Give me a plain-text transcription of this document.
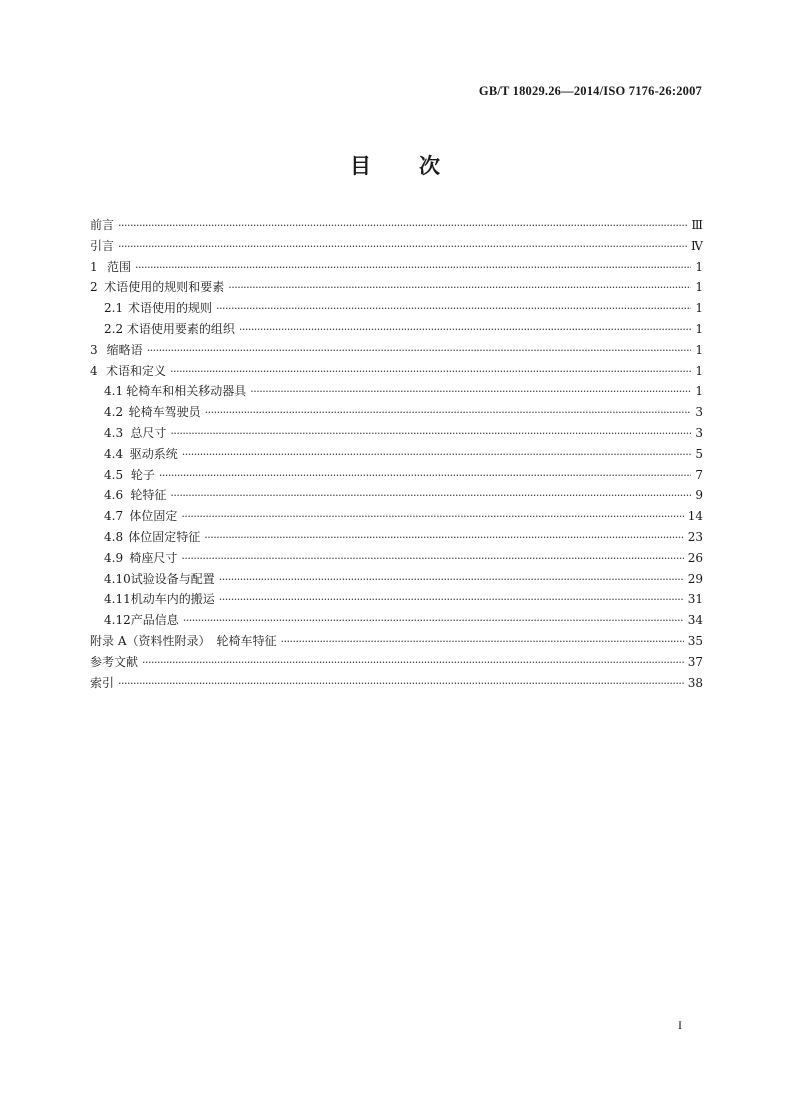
GB/T 18029.26—2014/ISO 7176-26:2007
目　　次
前言 ·····	Ⅲ
引言 ·····	Ⅳ
1 范围 ·····	1
2 术语使用的规则和要素 ·····	1
2.1 术语使用的规则 ·····	1
2.2 术语使用要素的组织 ·····	1
3 缩略语 ·····	1
4 术语和定义 ·····	1
4.1 轮椅车和相关移动器具 ·····	1
4.2 轮椅车驾驶员 ·····	3
4.3 总尺寸 ·····	3
4.4 驱动系统 ·····	5
4.5 轮子 ·····	7
4.6 轮特征 ·····	9
4.7 体位固定 ·····	14
4.8 体位固定特征 ·····	23
4.9 椅座尺寸 ·····	26
4.10 试验设备与配置 ·····	29
4.11 机动车内的搬运 ·····	31
4.12 产品信息 ·····	34
附录 A（资料性附录）　轮椅车特征 ·····	35
参考文献 ·····	37
索引 ·····	38
I
